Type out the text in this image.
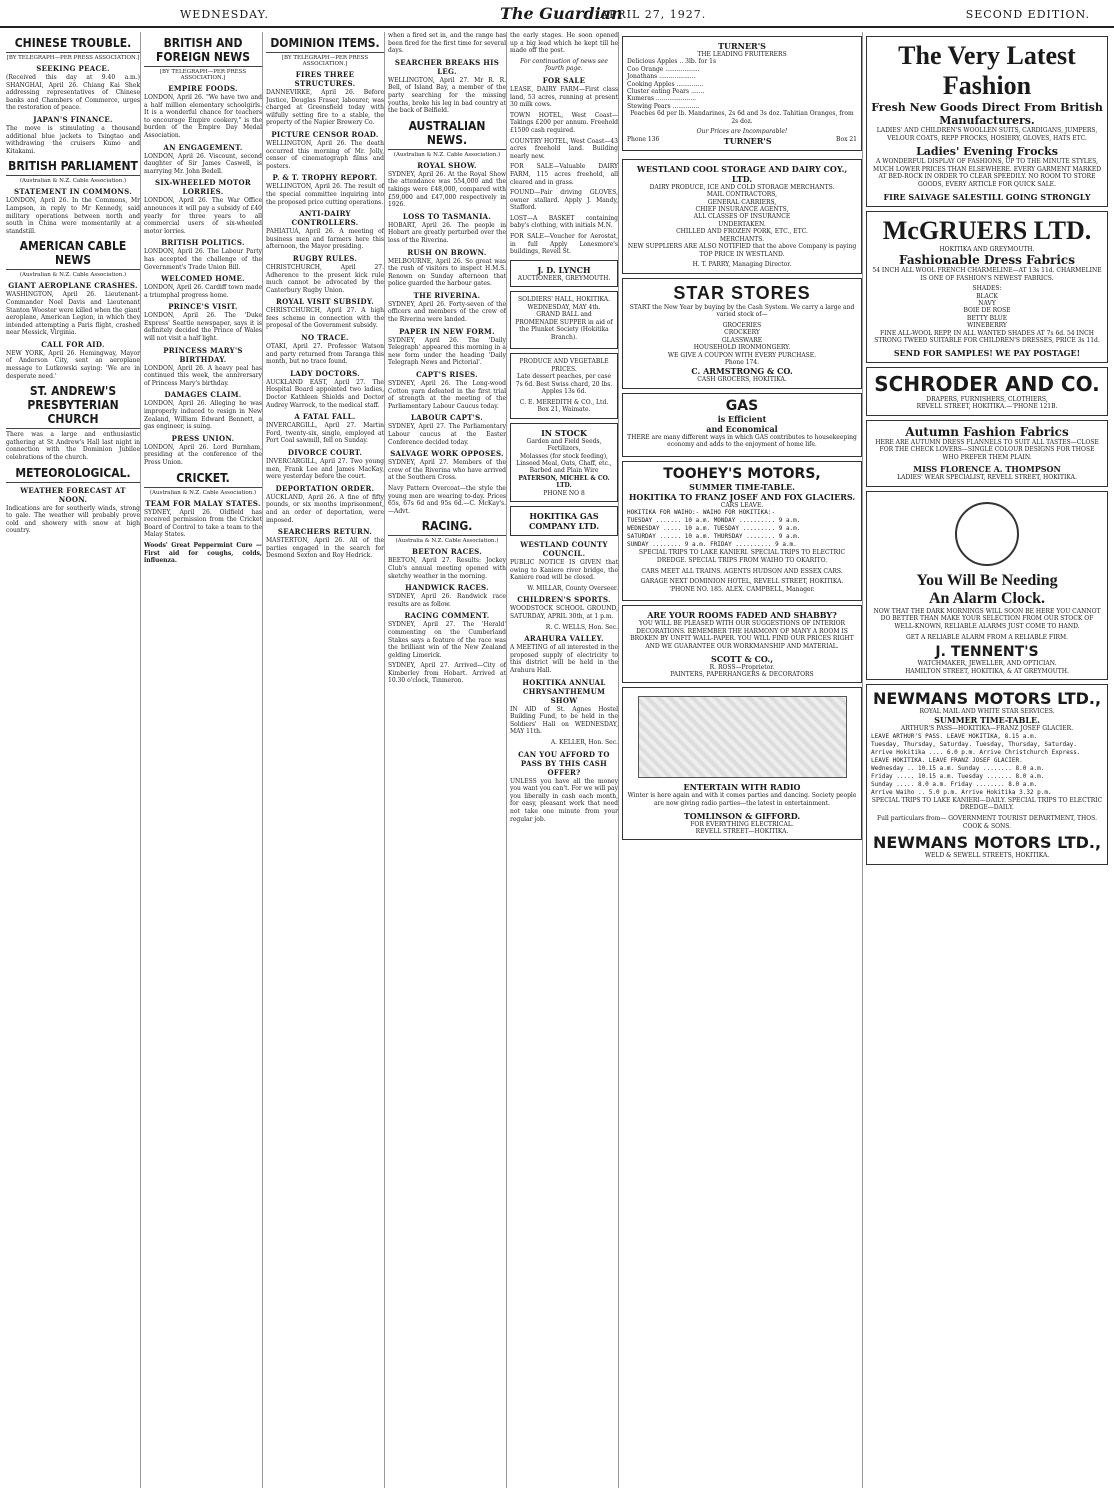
WEDNESDAY.	The Guardian
APRIL 27, 1927.	SECOND EDITION.
CHINESE TROUBLE.
[BY TELEGRAPH—PER PRESS ASSOCIATION.]
SEEKING PEACE.

(Received this day at 9.40 a.m.) SHANGHAI, April 26. Chiang Kai Shek addressing representatives of Chinese banks and Chambers of Commerce, urges the restoration of peace.

JAPAN'S FINANCE.

The move is stimulating a thousand additional blue jackets to Tsingtao and withdrawing the cruisers Kumo and Kitakami.

BRITISH PARLIAMENT
(Australian & N.Z. Cable Association.)
STATEMENT IN COMMONS.

LONDON, April 26. In the Commons, Mr Lampson, in reply to Mr Kennedy, said military operations between north and south in China were momentarily at a standstill.

AMERICAN CABLE NEWS
(Australian & N.Z. Cable Association.)
GIANT AEROPLANE CRASHES.

WASHINGTON, April 26. Lieutenant-Commander Noel Davis and Lieutenant Stanton Wooster were killed when the giant aeroplane, American Legion, in which they intended attempting a Paris flight, crashed near Messick, Virginia.

CALL FOR AID.

NEW YORK, April 26. Hemingway, Mayor of Anderson City, sent an aeroplane message to Lutkowski saying: 'We are in desperate need.'

ST. ANDREW'S PRESBYTERIAN CHURCH

There was a large and enthusiastic gathering at St Andrew's Hall last night in connection with the Dominion Jubilee celebrations of the church.

METEOROLOGICAL.
WEATHER FORECAST AT NOON.

Indications are for southerly winds, strong to gale. The weather will probably prove cold and showery with snow at high country.

BRITISH AND FOREIGN NEWS
[BY TELEGRAPH—PER PRESS ASSOCIATION.]
EMPIRE FOODS.

LONDON, April 26. "We have two and a half million elementary schoolgirls. It is a wonderful chance for teachers to encourage Empire cookery," is the burden of the Empire Day Medal Association.

AN ENGAGEMENT.

LONDON, April 26. Viscount, second daughter of Sir James Caswell, is marrying Mr. John Bedell.

SIX-WHEELED MOTOR LORRIES.

LONDON, April 26. The War Office announces it will pay a subsidy of £40 yearly for three years to all commercial users of six-wheeled motor lorries.

BRITISH POLITICS.

LONDON, April 26. The Labour Party has accepted the challenge of the Government's Trade Union Bill.

WELCOMED HOME.

LONDON, April 26. Cardiff town made a triumphal progress home.

PRINCE'S VISIT.

LONDON, April 26. The 'Duke Express' Seattle newspaper, says it is definitely decided the Prince of Wales will not visit a half light.

PRINCESS MARY'S BIRTHDAY.

LONDON, April 26. A heavy peal has continued this week, the anniversary of Princess Mary's birthday.

DAMAGES CLAIM.

LONDON, April 26. Alleging he was improperly induced to resign in New Zealand, William Edward Bennett, a gas engineer, is suing.

PRESS UNION.

LONDON, April 26. Lord Burnham, presiding at the conference of the Press Union.

CRICKET.
(Australian & N.Z. Cable Association.)
TEAM FOR MALAY STATES.

SYDNEY, April 26. Oldfield has received permission from the Cricket Board of Control to take a team to the Malay States.

Woods' Great Peppermint Cure — First aid for coughs, colds, influenza.

DOMINION ITEMS.
[BY TELEGRAPH—PER PRESS ASSOCIATION.]
FIRES THREE STRUCTURES.

DANNEVIRKE, April 26. Before Justice, Douglas Fraser, labourer, was charged at Greensfield today with wilfully setting fire to a stable, the property of the Napier Brewery Co.

PICTURE CENSOR ROAD.

WELLINGTON, April 26. The death occurred this morning of Mr. Jolly, censor of cinematograph films and posters.

P. & T. TROPHY REPORT.

WELLINGTON, April 26. The result of the special committee inquiring into the proposed price cutting operations.

ANTI-DAIRY CONTROLLERS.

PAHIATUA, April 26. A meeting of business men and farmers here this afternoon, the Mayor presiding.

RUGBY RULES.

CHRISTCHURCH, April 27. Adherence to the present kick rule much cannot be advocated by the Canterbury Rugby Union.

ROYAL VISIT SUBSIDY.

CHRISTCHURCH, April 27. A high fees scheme in connection with the proposal of the Government subsidy.

NO TRACE.

OTAKI, April 27. Professor Watson and party returned from Taranga this month, but no trace found.

LADY DOCTORS.

AUCKLAND EAST, April 27. The Hospital Board appointed two ladies, Doctor Kathleen Shields and Doctor Audrey Warrock, to the medical staff.

A FATAL FALL.

INVERCARGILL, April 27. Martin Ford, twenty-six, single, employed at Port Coal sawmill, fell on Sunday.

DIVORCE COURT.

INVERCARGILL, April 27. Two young men, Frank Lee and James MacKay, were yesterday before the court.

DEPORTATION ORDER.

AUCKLAND, April 26. A fine of fifty pounds, or six months imprisonment, and an order of deportation, were imposed.

SEARCHERS RETURN.

MASTERTON, April 26. All of the parties engaged in the search for Desmond Sexton and Roy Hedrick.

when a fired set in, and the range has been fired for the first time for several days.

SEARCHER BREAKS HIS LEG.

WELLINGTON, April 27. Mr R. R. Bell, of Island Bay, a member of the party searching for the missing youths, broke his leg in bad country at the back of Belfield.

AUSTRALIAN NEWS.
(Australian & N.Z. Cable Association.)
ROYAL SHOW.

SYDNEY, April 26. At the Royal Show the attendance was 554,000 and the takings were £48,000, compared with £59,000 and £47,000 respectively in 1926.

LOSS TO TASMANIA.

HOBART, April 26. The people in Hobart are greatly perturbed over the loss of the Riverina.

RUSH ON BROWN.

MELBOURNE, April 26. So great was the rush of visitors to inspect H.M.S. Renown on Sunday afternoon that police guarded the harbour gates.

THE RIVERINA.

SYDNEY, April 26. Forty-seven of the officers and members of the crew of the Riverina were landed.

PAPER IN NEW FORM.

SYDNEY, April 26. The 'Daily Telegraph' appeared this morning in a new form under the heading 'Daily Telegraph News and Pictorial'.

CAPT'S RISES.

SYDNEY, April 26. The Long-wood Cotton yarn defeated in the first trial of strength at the meeting of the Parliamentary Labour Caucus today.

LABOUR CAPT'S.

SYDNEY, April 27. The Parliamentary Labour caucus at the Easter Conference decided today.

SALVAGE WORK OPPOSES.

SYDNEY, April 27. Members of the crew of the Riverina who have arrived at the Southern Cross.

Navy Pattern Overcoat—the style the young men are wearing to-day. Prices 65s, 67s 6d and 95s 6d.—C. McKay's.—Advt.

RACING.
(Australia & N.Z. Cable Association.)
BEETON RACES.

BEETON, April 27. Results: Jockey Club's annual meeting opened with sketchy weather in the morning.

HANDWICK RACES.

SYDNEY, April 26. Randwick race results are as follow.

RACING COMMENT.

SYDNEY, April 27. The 'Herald' commenting on the Cumberland Stakes says a feature of the race was the brilliant win of the New Zealand gelding Limerick.

SYDNEY, April 27. Arrived—City of Kimberley from Hobart. Arrived at 10.30 o'clock, Tinmeron.

the early stages. He soon opened up a big lead which he kept till he made off the post.

For continuation of news see fourth page.

FOR SALE

LEASE, DAIRY FARM—First class land, 53 acres, running at present 30 milk cows.

TOWN HOTEL, West Coast—Takings £200 per annum. Freehold £1500 cash required.

COUNTRY HOTEL, West Coast—43 acres freehold land. Building nearly new.

FOR SALE—Valuable DAIRY FARM, 115 acres freehold, all cleared and in grass.

FOUND—Pair driving GLOVES, owner stallard. Apply J. Mandy, Stafford.

LOST—A BASKET containing baby's clothing, with initials M.N.

FOR SALE—Voucher for Aerostat, in full Apply Lonesmore's buildings, Revell St.

J. D. LYNCH
AUCTIONEER, GREYMOUTH.
SOLDIERS' HALL, HOKITIKA.
WEDNESDAY, MAY 4th.

GRAND BALL and PROMENADE SUPPER in aid of the Plunket Society (Hokitika Branch).

PRODUCE AND VEGETABLE PRICES.

Late dessert peaches, per case 7s 6d. Best Swiss chard, 20 lbs. Apples 13s 6d.

C. E. MEREDITH & CO., Ltd.
Box 21, Waimate.
IN STOCK
Garden and Field Seeds,
Fertilizers,
Molasses (for stock feeding),
Linseed Meal, Oats, Chaff, etc.,
Barbed and Plain Wire
PATERSON, MICHEL & CO. LTD.
PHONE NO 8
HOKITIKA GAS COMPANY LTD.
WESTLAND COUNTY COUNCIL.

PUBLIC NOTICE IS GIVEN that owing to Kaniere river bridge, the Kaniere road will be closed.

W. MILLAR, County Overseer.

CHILDREN'S SPORTS.

WOODSTOCK SCHOOL GROUND, SATURDAY, APRIL 30th, at 1 p.m.

R. C. WELLS, Hon. Sec.

ARAHURA VALLEY.

A MEETING of all interested in the proposed supply of electricity to this district will be held in the Arahura Hall.

HOKITIKA ANNUAL CHRYSANTHEMUM SHOW

IN AID of St. Agnes Hostel Building Fund, to be held in the Soldiers' Hall on WEDNESDAY, MAY 11th.

A. KELLER, Hon. Sec.

CAN YOU AFFORD TO PASS BY THIS CASH OFFER?

UNLESS you have all the money you want you can't. For we will pay you liberally in cash each month, for easy, pleasant work that need not take one minute from your regular job.

TURNER'S
THE LEADING FRUITERERS
Delicious Apples .. 3lb. for 1s
Coo Orange ..................
Jonathans ...................
Cooking Apples ..............
Cluster eating Pears .......
Kumeras .....................
Stewing Pears ..............

Peaches 6d per lb. Mandarines, 2s 6d and 3s doz. Tahitian Oranges, from 2s doz.

Our Prices are Incomparable!
Phone 136	TURNER'S	Box 21
WESTLAND COOL STORAGE AND DAIRY COY., LTD.
DAIRY PRODUCE, ICE AND COLD STORAGE MERCHANTS.
MAIL CONTRACTORS,
GENERAL CARRIERS,
CHIEF INSURANCE AGENTS,
ALL CLASSES OF INSURANCE
UNDERTAKEN.
CHILLED AND FROZEN PORK, ETC., ETC.
MERCHANTS.

NEW SUPPLIERS ARE ALSO NOTIFIED that the above Company is paying TOP PRICE IN WESTLAND.

H. T. PARRY, Managing Director.
STAR STORES

START the New Year by buying by the Cash System. We carry a large and varied stock of—

GROCERIES
CROCKERY
GLASSWARE
HOUSEHOLD IRONMONGERY.
WE GIVE A COUPON WITH EVERY PURCHASE.
Phone 174.
C. ARMSTRONG & CO.
CASH GROCERS, HOKITIKA.
GAS
is Efficient
and Economical

THERE are many different ways in which GAS contributes to housekeeping economy and adds to the enjoyment of home life.

TOOHEY'S MOTORS,
SUMMER TIME-TABLE.
HOKITIKA TO FRANZ JOSEF AND FOX GLACIERS.
CARS LEAVE.
HOKITIKA FOR WAIHO:- WAIHO FOR HOKITIKA:-
TUESDAY ....... 10 a.m. MONDAY .......... 9 a.m.
WEDNESDAY ..... 10 a.m. TUESDAY ......... 9 a.m.
SATURDAY ...... 10 a.m. THURSDAY ........ 9 a.m.
SUNDAY ........ 9 a.m. FRIDAY .......... 9 a.m.

SPECIAL TRIPS TO LAKE KANIERI. SPECIAL TRIPS TO ELECTRIC DREDGE. SPECIAL TRIPS FROM WAIHO TO OKARITO.

CARS MEET ALL TRAINS. AGENTS HUDSON AND ESSEX CARS.

GARAGE NEXT DOMINION HOTEL, REVELL STREET, HOKITIKA. 'PHONE NO. 185. ALEX. CAMPBELL, Manager.

ARE YOUR ROOMS FADED AND SHABBY?

YOU WILL BE PLEASED WITH OUR SUGGESTIONS OF INTERIOR DECORATIONS. REMEMBER THE HARMONY OF MANY A ROOM IS BROKEN BY UNFIT WALL-PAPER. YOU WILL FIND OUR PRICES RIGHT AND WE GUARANTEE OUR WORKMANSHIP AND MATERIAL.

SCOTT & CO.,
R. ROSS—Proprietor.
PAINTERS, PAPERHANGERS & DECORATORS
ENTERTAIN WITH RADIO

Winter is here again and with it comes parties and dancing. Society people are now giving radio parties—the latest in entertainment.

TOMLINSON & GIFFORD.
FOR EVERYTHING ELECTRICAL.
REVELL STREET—HOKITIKA.
The Very Latest Fashion
Fresh New Goods Direct From British Manufacturers.

LADIES' AND CHILDREN'S WOOLLEN SUITS, CARDIGANS, JUMPERS, VELOUR COATS, REPP FROCKS, HOSIERY, GLOVES, HATS ETC.

Ladies' Evening Frocks

A WONDERFUL DISPLAY OF FASHIONS, UP TO THE MINUTE STYLES, MUCH LOWER PRICES THAN ELSEWHERE. EVERY GARMENT MARKED AT BED-ROCK IN ORDER TO CLEAR SPEEDILY. NO ROOM TO STORE GOODS, EVERY ARTICLE FOR QUICK SALE.

FIRE SALVAGE SALESTILL GOING STRONGLY
McGRUERS LTD.
HOKITIKA AND GREYMOUTH.
Fashionable Dress Fabrics

54 INCH ALL WOOL FRENCH CHARMELINE—AT 13s 11d. CHARMELINE IS ONE OF FASHION'S NEWEST FABRICS.

SHADES:
BLACK
NAVY
BOIE DE ROSE
BETTY BLUE
WINEBERRY

FINE ALL-WOOL REPP, IN ALL WANTED SHADES AT 7s 6d. 54 INCH STRONG TWEED SUITABLE FOR CHILDREN'S DRESSES, PRICE 3s 11d.

SEND FOR SAMPLES! WE PAY POSTAGE!
SCHRODER AND CO.
DRAPERS, FURNISHERS, CLOTHIERS,
REVELL STREET, HOKITIKA.—'PHONE 121B.
Autumn Fashion Fabrics

HERE ARE AUTUMN DRESS FLANNELS TO SUIT ALL TASTES—CLOSE FOR THE CHECK LOVERS—SINGLE COLOUR DESIGNS FOR THOSE WHO PREFER THEM PLAIN.

MISS FLORENCE A. THOMPSON
LADIES' WEAR SPECIALIST, REVELL STREET, HOKITIKA.
You Will Be Needing
An Alarm Clock.

NOW THAT THE DARK MORNINGS WILL SOON BE HERE YOU CANNOT DO BETTER THAN MAKE YOUR SELECTION FROM OUR STOCK OF WELL-KNOWN, RELIABLE ALARMS JUST COME TO HAND.

GET A RELIABLE ALARM FROM A RELIABLE FIRM.

J. TENNENT'S
WATCHMAKER, JEWELLER, AND OPTICIAN.
HAMILTON STREET, HOKITIKA, & AT GREYMOUTH.
NEWMANS MOTORS LTD.,
ROYAL MAIL AND WHITE STAR SERVICES.
SUMMER TIME-TABLE.
ARTHUR'S PASS—HOKITIKA—FRANZ JOSEF GLACIER.
LEAVE ARTHUR'S PASS. LEAVE HOKITIKA, 8.15 a.m.
Tuesday, Thursday, Saturday. Tuesday, Thursday, Saturday.
Arrive Hokitika .... 6.0 p.m. Arrive Christchurch Express.
LEAVE HOKITIKA. LEAVE FRANZ JOSEF GLACIER.
Wednesday .. 10.15 a.m. Sunday ........ 8.0 a.m.
Friday ..... 10.15 a.m. Tuesday ....... 8.0 a.m.
Sunday ..... 8.0 a.m. Friday ........ 8.0 a.m.
Arrive Waiho .. 5.0 p.m. Arrive Hokitika 3.32 p.m.

SPECIAL TRIPS TO LAKE KANIERI—DAILY. SPECIAL TRIPS TO ELECTRIC DREDGE—DAILY.

Full particulars from— GOVERNMENT TOURIST DEPARTMENT, THOS. COOK & SONS.

NEWMANS MOTORS LTD.,
WELD & SEWELL STREETS, HOKITIKA.
